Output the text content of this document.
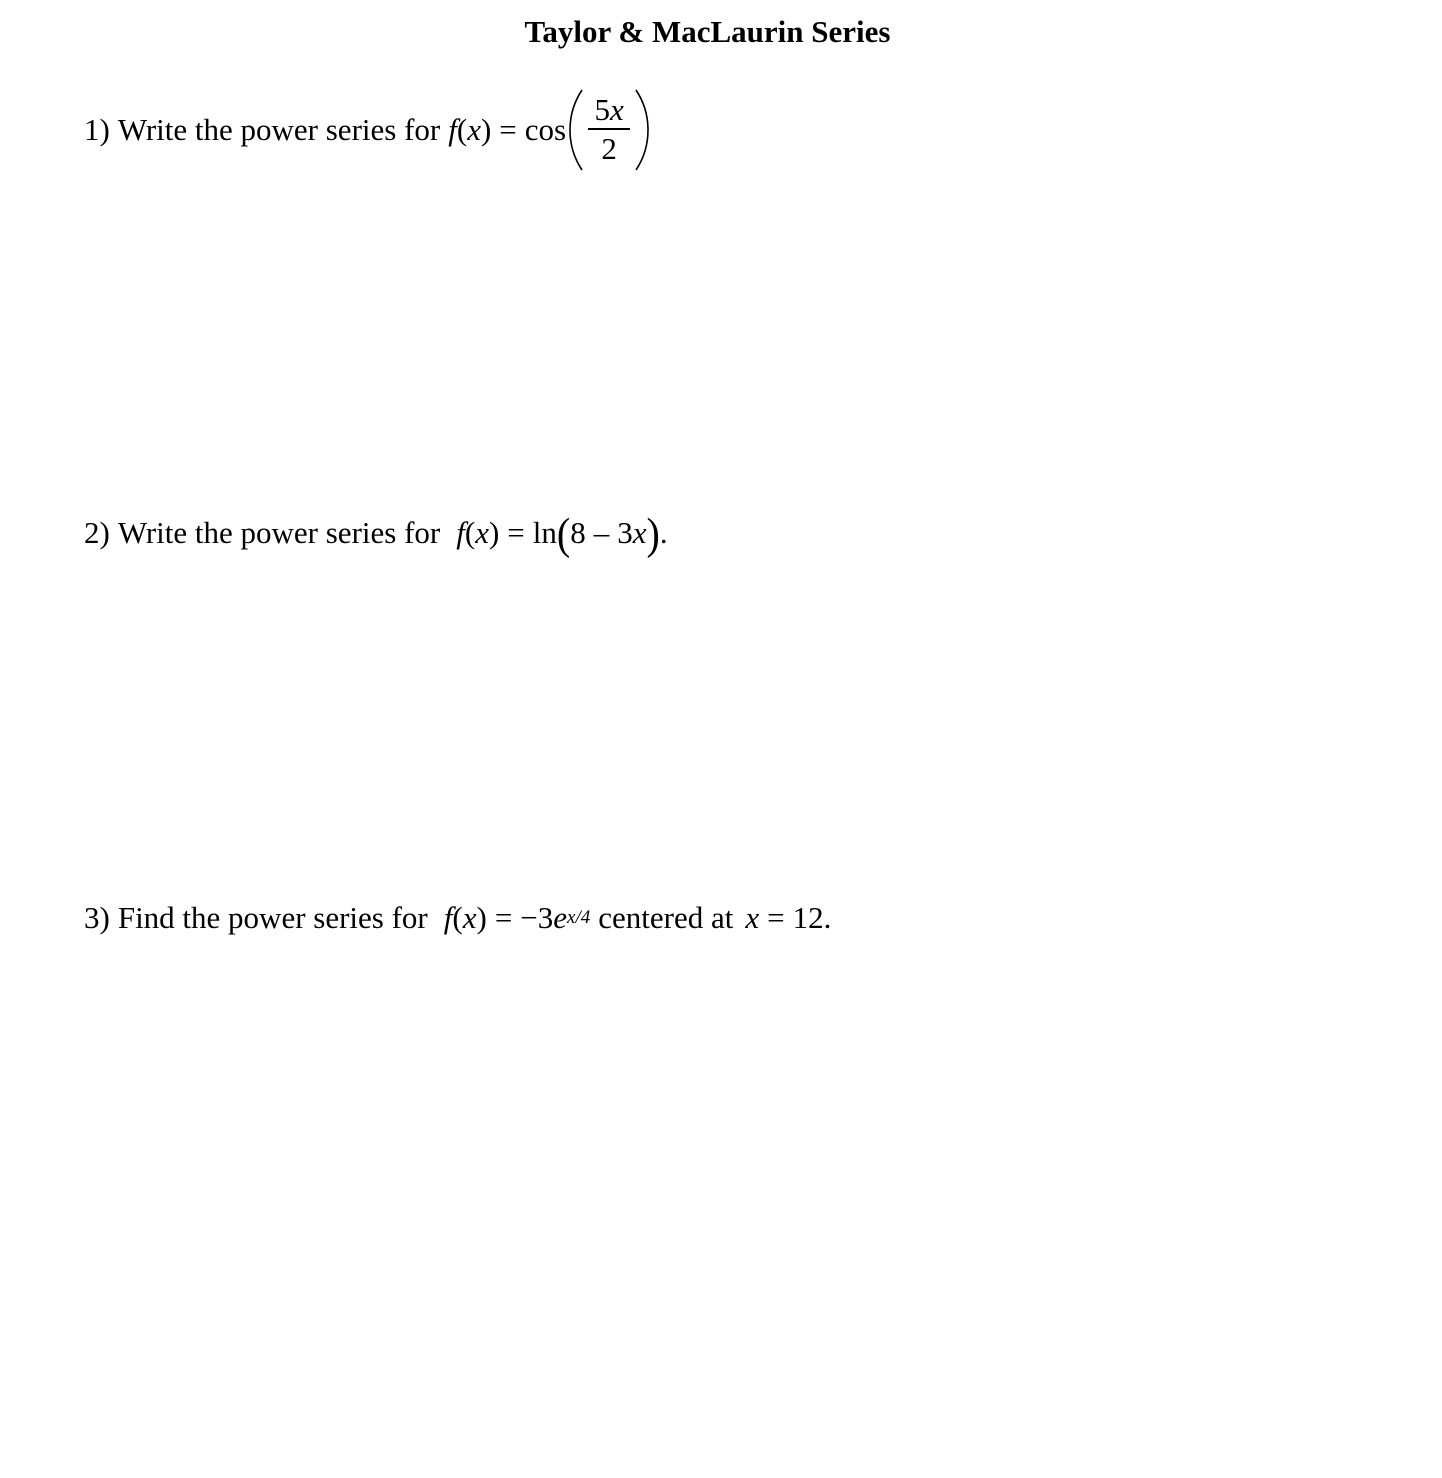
Taylor & MacLaurin Series
1) Write the power series for f ( x ) = $\cos \frac{5x}{2}$
2) Write the power series for f ( x ) = ln ( 8 – 3 x ) .
3) Find the power series for f ( x ) = −3 e x/4 centered at x = 12 .
